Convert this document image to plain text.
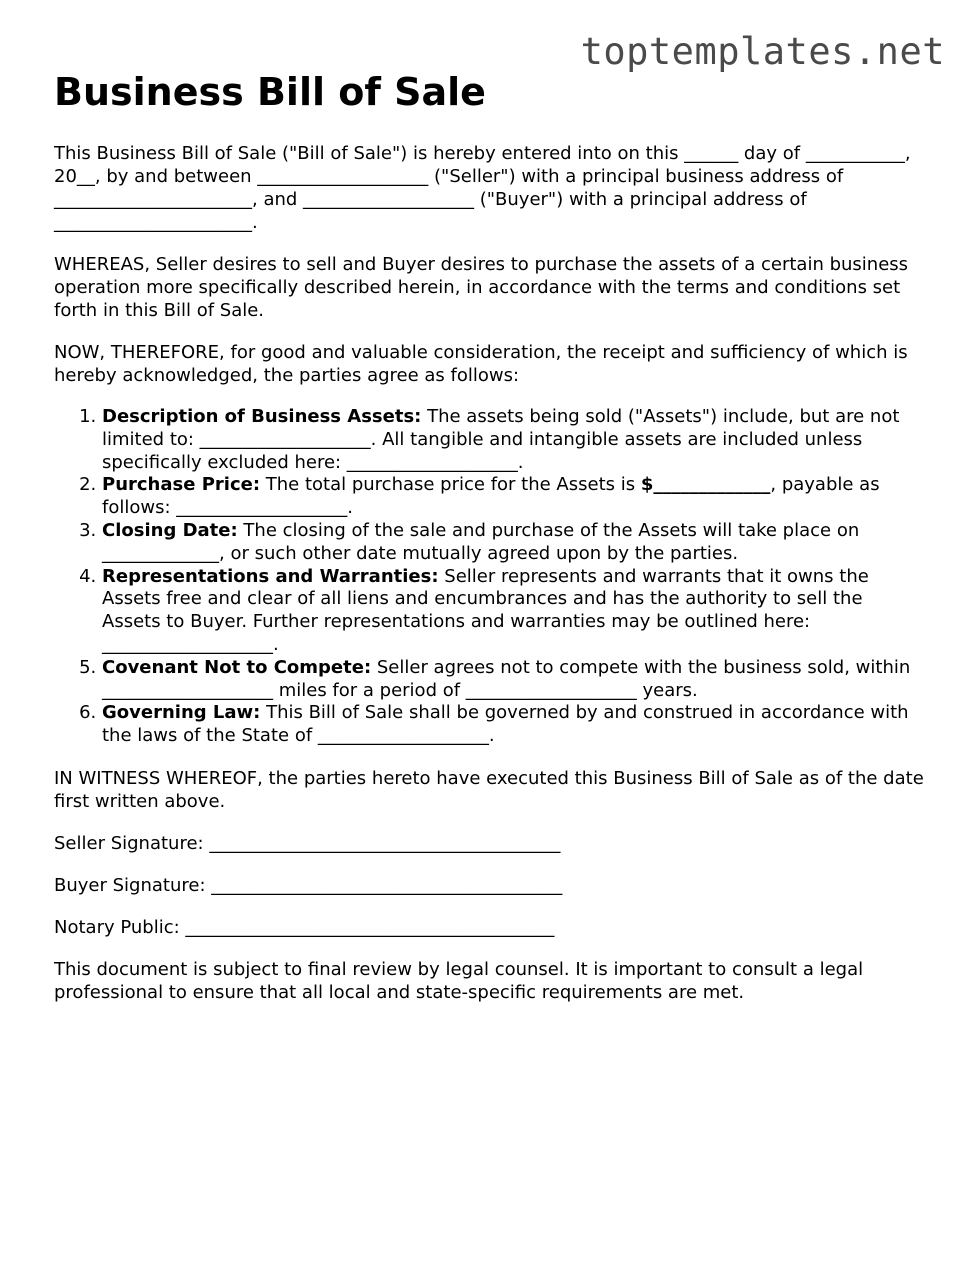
toptemplates.net
Business Bill of Sale

This Business Bill of Sale ("Bill of Sale") is hereby entered into on this ______ day of ___________, 20__, by and between ___________________ ("Seller") with a principal business address of ______________________, and ___________________ ("Buyer") with a principal address of ______________________.

WHEREAS, Seller desires to sell and Buyer desires to purchase the assets of a certain business operation more specifically described herein, in accordance with the terms and conditions set forth in this Bill of Sale.

NOW, THEREFORE, for good and valuable consideration, the receipt and sufficiency of which is hereby acknowledged, the parties agree as follows:

1. Description of Business Assets: The assets being sold ("Assets") include, but are not limited to: ___________________. All tangible and intangible assets are included unless specifically excluded here: ___________________.
2. Purchase Price: The total purchase price for the Assets is $_____________, payable as follows: ___________________.
3. Closing Date: The closing of the sale and purchase of the Assets will take place on _____________, or such other date mutually agreed upon by the parties.
4. Representations and Warranties: Seller represents and warrants that it owns the Assets free and clear of all liens and encumbrances and has the authority to sell the Assets to Buyer. Further representations and warranties may be outlined here: ___________________.
5. Covenant Not to Compete: Seller agrees not to compete with the business sold, within ___________________ miles for a period of ___________________ years.
6. Governing Law: This Bill of Sale shall be governed by and construed in accordance with the laws of the State of ___________________.

IN WITNESS WHEREOF, the parties hereto have executed this Business Bill of Sale as of the date first written above.

Seller Signature: _______________________________________

Buyer Signature: _______________________________________

Notary Public: _________________________________________

This document is subject to final review by legal counsel. It is important to consult a legal professional to ensure that all local and state-specific requirements are met.
